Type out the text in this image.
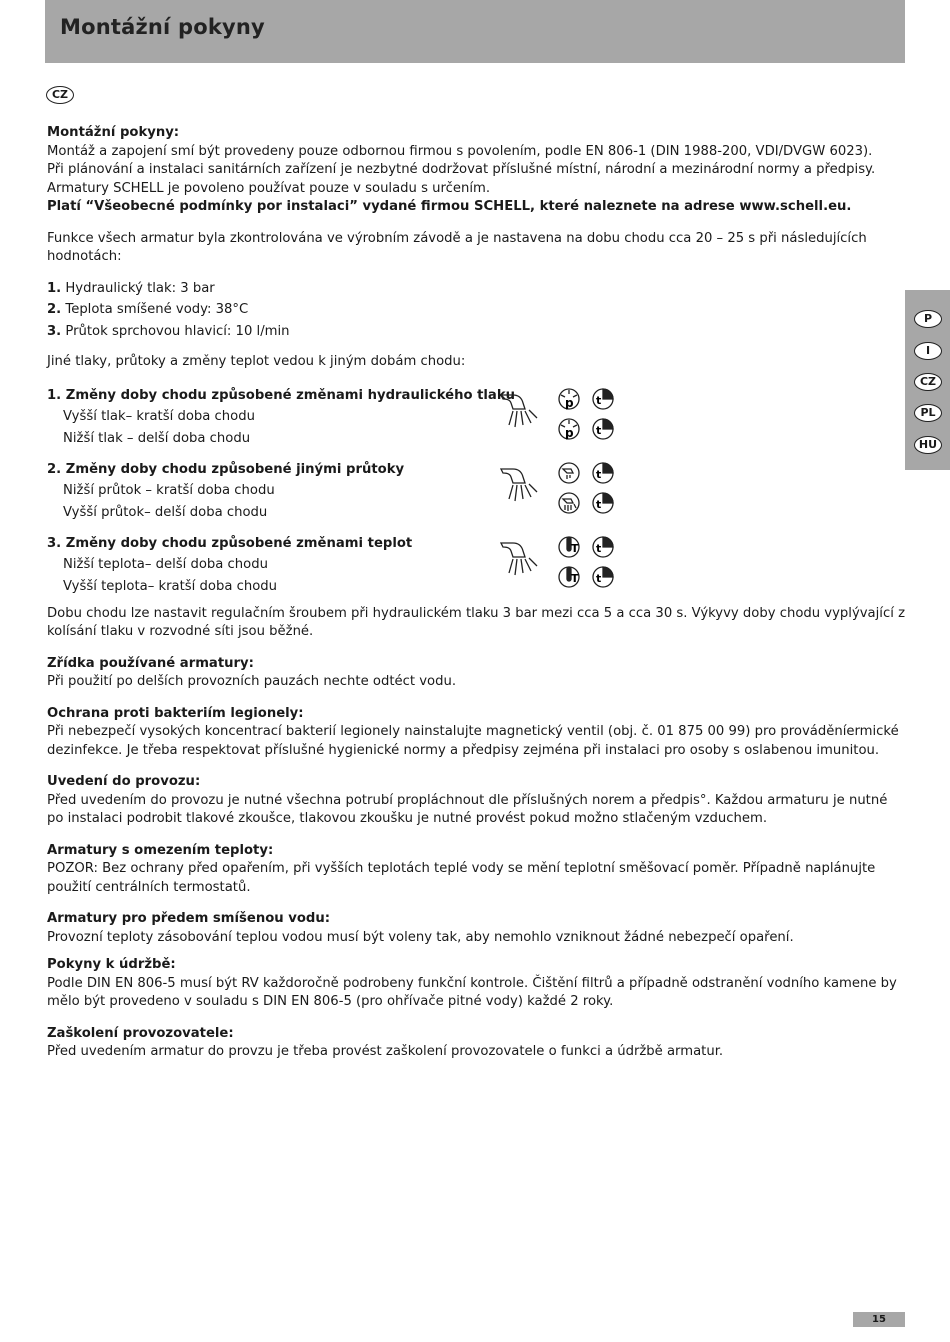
Montážní pokyny
CZ

Montážní pokyny:

Montáž a zapojení smí být provedeny pouze odbornou firmou s povolením, podle EN 806-1 (DIN 1988-200, VDI/DVGW 6023).

Při plánování a instalaci sanitárních zařízení je nezbytné dodržovat příslušné místní, národní a mezinárodní normy a předpisy.

Armatury SCHELL je povoleno používat pouze v souladu s určením.

Platí “Všeobecné podmínky por instalaci” vydané firmou SCHELL, které naleznete na adrese www.schell.eu.

Funkce všech armatur byla zkontrolována ve výrobním závodě a je nastavena na dobu chodu cca 20 – 25 s při následujících hodnotách:

1. Hydraulický tlak: 3 bar

2. Teplota smíšené vody: 38°C

3. Průtok sprchovou hlavicí: 10 l/min

Jiné tlaky, průtoky a změny teplot vedou k jiným dobám chodu:

1. Změny doby chodu způsobené změnami hydraulického tlaku
Vyšší tlak– kratší doba chodu
Nižší tlak – delší doba chodu
p
p
t
t
2. Změny doby chodu způsobené jinými průtoky
Nižší průtok – kratší doba chodu
Vyšší průtok– delší doba chodu
t
t
3. Změny doby chodu způsobené změnami teplot
Nižší teplota– delší doba chodu
Vyšší teplota– kratší doba chodu
T
T
t
t

Dobu chodu lze nastavit regulačním šroubem při hydraulickém tlaku 3 bar mezi cca 5 a cca 30 s. Výkyvy doby chodu vyplývající z kolísání tlaku v rozvodné síti jsou běžné.

Zřídka používané armatury:

Při použití po delších provozních pauzách nechte odtéct vodu.

Ochrana proti bakteriím legionely:

Při nebezpečí vysokých koncentrací bakterií legionely nainstalujte magnetický ventil (obj. č. 01 875 00 99) pro prováděníermické dezinfekce. Je třeba respektovat příslušné hygienické normy a předpisy zejména při instalaci pro osoby s oslabenou imunitou.

Uvedení do provozu:

Před uvedením do provozu je nutné všechna potrubí propláchnout dle příslušných norem a předpis°. Každou armaturu je nutné po instalaci podrobit tlakové zkoušce, tlakovou zkoušku je nutné provést pokud možno stlačeným vzduchem.

Armatury s omezením teploty:

POZOR: Bez ochrany před opařením, při vyšších teplotách teplé vody se mění teplotní směšovací poměr. Případně naplánujte použití centrálních termostatů.

Armatury pro předem smíšenou vodu:

Provozní teploty zásobování teplou vodou musí být voleny tak, aby nemohlo vzniknout žádné nebezpečí opaření.

Pokyny k údržbě:

Podle DIN EN 806-5 musí být RV každoročně podrobeny funkční kontrole. Čištění filtrů a případně odstranění vodního kamene by mělo být provedeno v souladu s DIN EN 806-5 (pro ohřívače pitné vody) každé 2 roky.

Zaškolení provozovatele:

Před uvedením armatur do provzu je třeba provést zaškolení provozovatele o funkci a údržbě armatur.

P
I
CZ
PL
HU
15
